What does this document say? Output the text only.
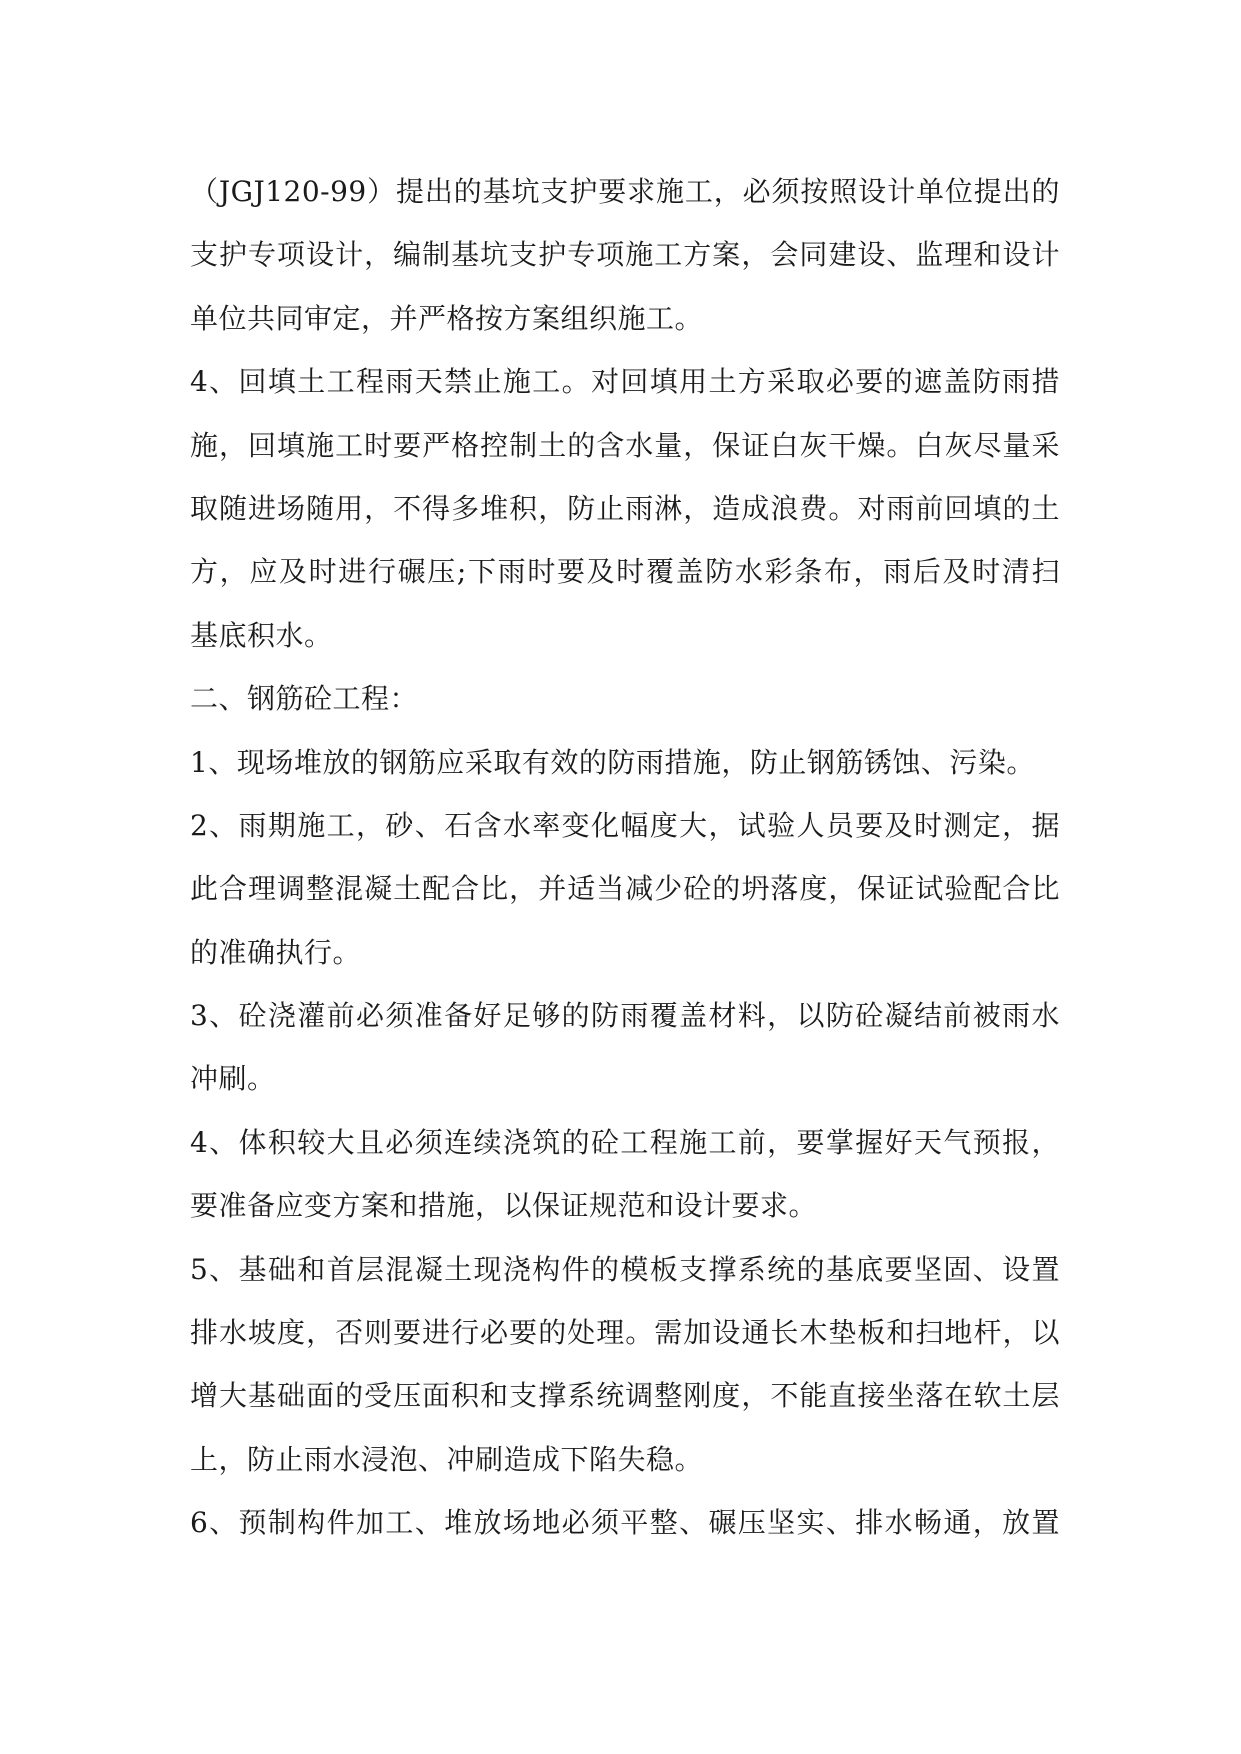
（JGJ120-99）提出的基坑支护要求施工，必须按照设计单位提出的
支护专项设计，编制基坑支护专项施工方案，会同建设、监理和设计
单位共同审定，并严格按方案组织施工。
4、回填土工程雨天禁止施工。对回填用土方采取必要的遮盖防雨措
施，回填施工时要严格控制土的含水量，保证白灰干燥。白灰尽量采
取随进场随用，不得多堆积，防止雨淋，造成浪费。对雨前回填的土
方，应及时进行碾压;下雨时要及时覆盖防水彩条布，雨后及时清扫
基底积水。
二、钢筋砼工程：
1、现场堆放的钢筋应采取有效的防雨措施，防止钢筋锈蚀、污染。
2、雨期施工，砂、石含水率变化幅度大，试验人员要及时测定，据
此合理调整混凝土配合比，并适当减少砼的坍落度，保证试验配合比
的准确执行。
3、砼浇灌前必须准备好足够的防雨覆盖材料，以防砼凝结前被雨水
冲刷。
4、体积较大且必须连续浇筑的砼工程施工前，要掌握好天气预报，
要准备应变方案和措施，以保证规范和设计要求。
5、基础和首层混凝土现浇构件的模板支撑系统的基底要坚固、设置
排水坡度，否则要进行必要的处理。需加设通长木垫板和扫地杆，以
增大基础面的受压面积和支撑系统调整刚度，不能直接坐落在软土层
上，防止雨水浸泡、冲刷造成下陷失稳。
6、预制构件加工、堆放场地必须平整、碾压坚实、排水畅通，放置
